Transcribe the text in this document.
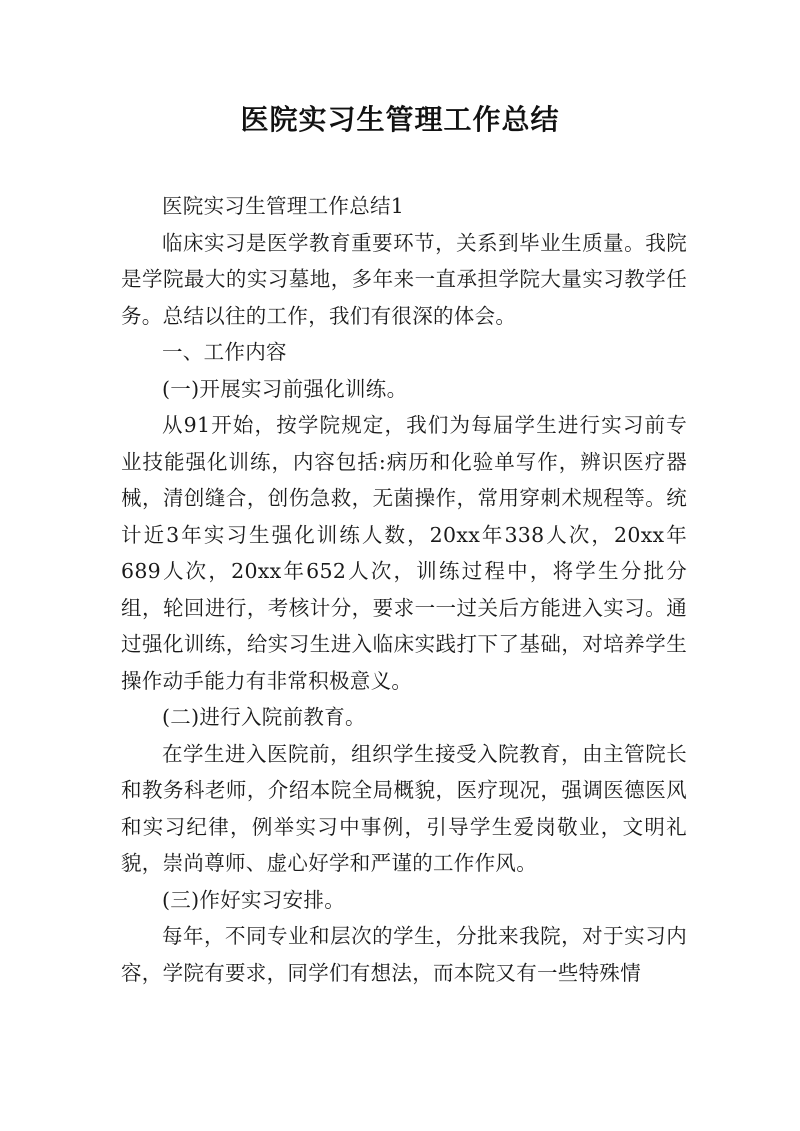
医院实习生管理工作总结

医院实习生管理工作总结1

临床实习是医学教育重要环节，关系到毕业生质量。我院是学院最大的实习墓地，多年来一直承担学院大量实习教学任务。总结以往的工作，我们有很深的体会。

一、工作内容

(一)开展实习前强化训练。

从91开始，按学院规定，我们为每届学生进行实习前专业技能强化训练，内容包括:病历和化验单写作，辨识医疗器械，清创缝合，创伤急救，无菌操作，常用穿刺术规程等。统计近3年实习生强化训练人数，20xx年338人次，20xx年689人次，20xx年652人次，训练过程中，将学生分批分组，轮回进行，考核计分，要求一一过关后方能进入实习。通过强化训练，给实习生进入临床实践打下了基础，对培养学生操作动手能力有非常积极意义。

(二)进行入院前教育。

在学生进入医院前，组织学生接受入院教育，由主管院长和教务科老师，介绍本院全局概貌，医疗现况，强调医德医风和实习纪律，例举实习中事例，引导学生爱岗敬业，文明礼貌，崇尚尊师、虚心好学和严谨的工作作风。

(三)作好实习安排。

每年，不同专业和层次的学生，分批来我院，对于实习内容，学院有要求，同学们有想法，而本院又有一些特殊情
